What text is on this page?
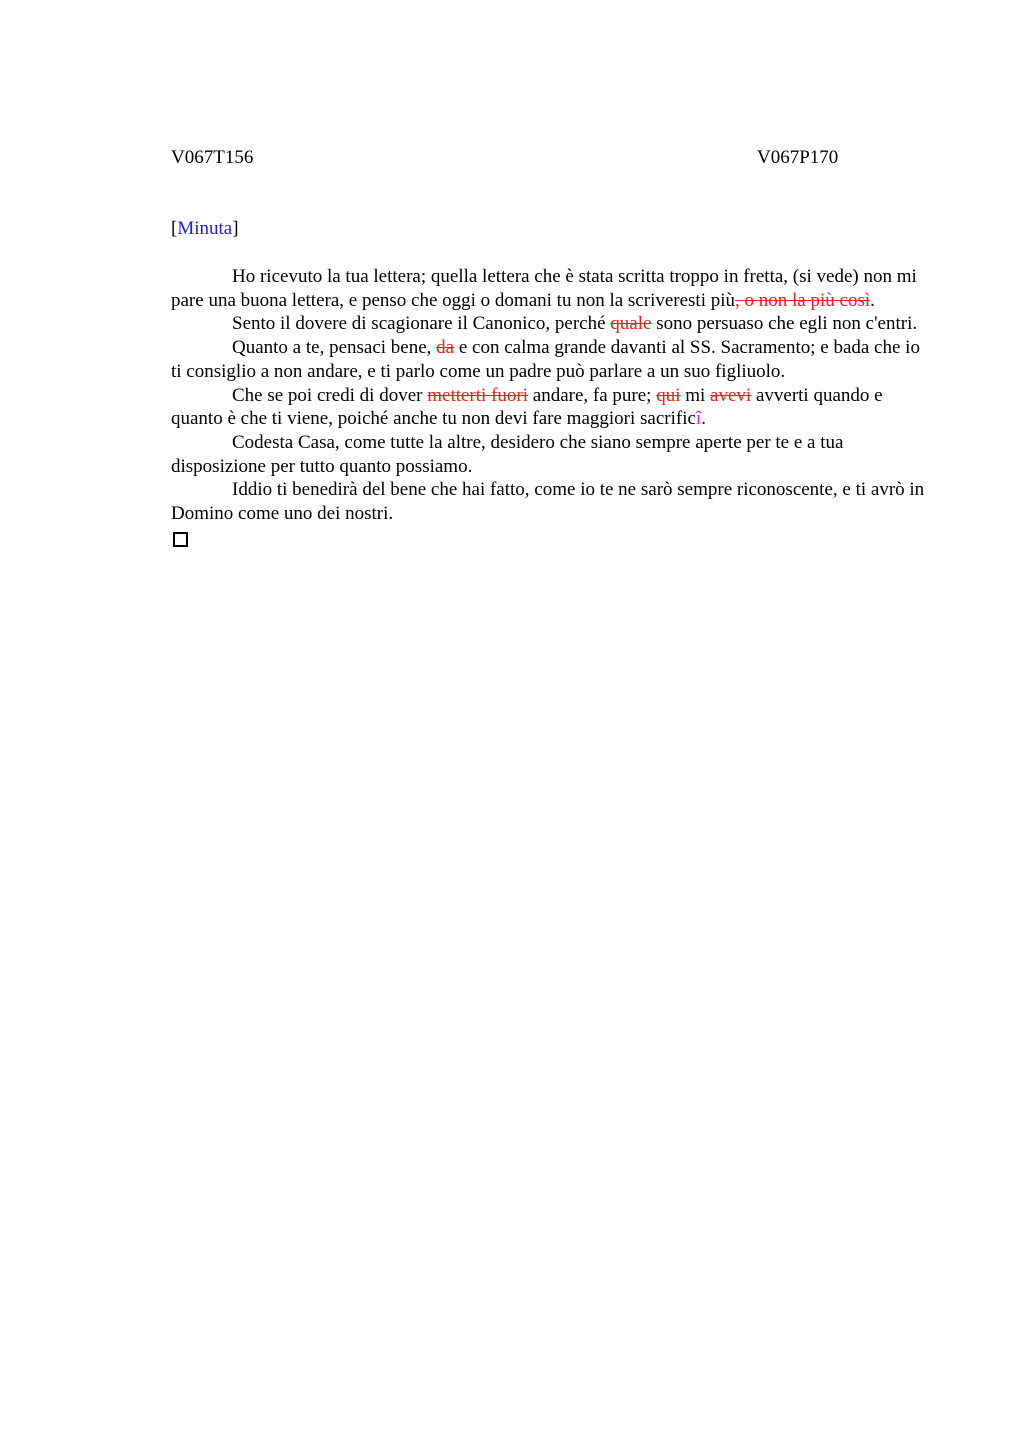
V067T156	V067P170
[Minuta]

Ho ricevuto la tua lettera; quella lettera che è stata scritta troppo in fretta, (si vede) non mi pare una buona lettera, e penso che oggi o domani tu non la scriveresti più, o non la più così.

Sento il dovere di scagionare il Canonico, perché quale sono persuaso che egli non c'entri.

Quanto a te, pensaci bene, da e con calma grande davanti al SS. Sacramento; e bada che io ti consiglio a non andare, e ti parlo come un padre può parlare a un suo figliuolo.

Che se poi credi di dover metterti fuori andare, fa pure; qui mi avevi avverti quando e quanto è che ti viene, poiché anche tu non devi fare maggiori sacrificî.

Codesta Casa, come tutte la altre, desidero che siano sempre aperte per te e a tua disposizione per tutto quanto possiamo.

Iddio ti benedirà del bene che hai fatto, come io te ne sarò sempre riconoscente, e ti avrò in Domino come uno dei nostri.
